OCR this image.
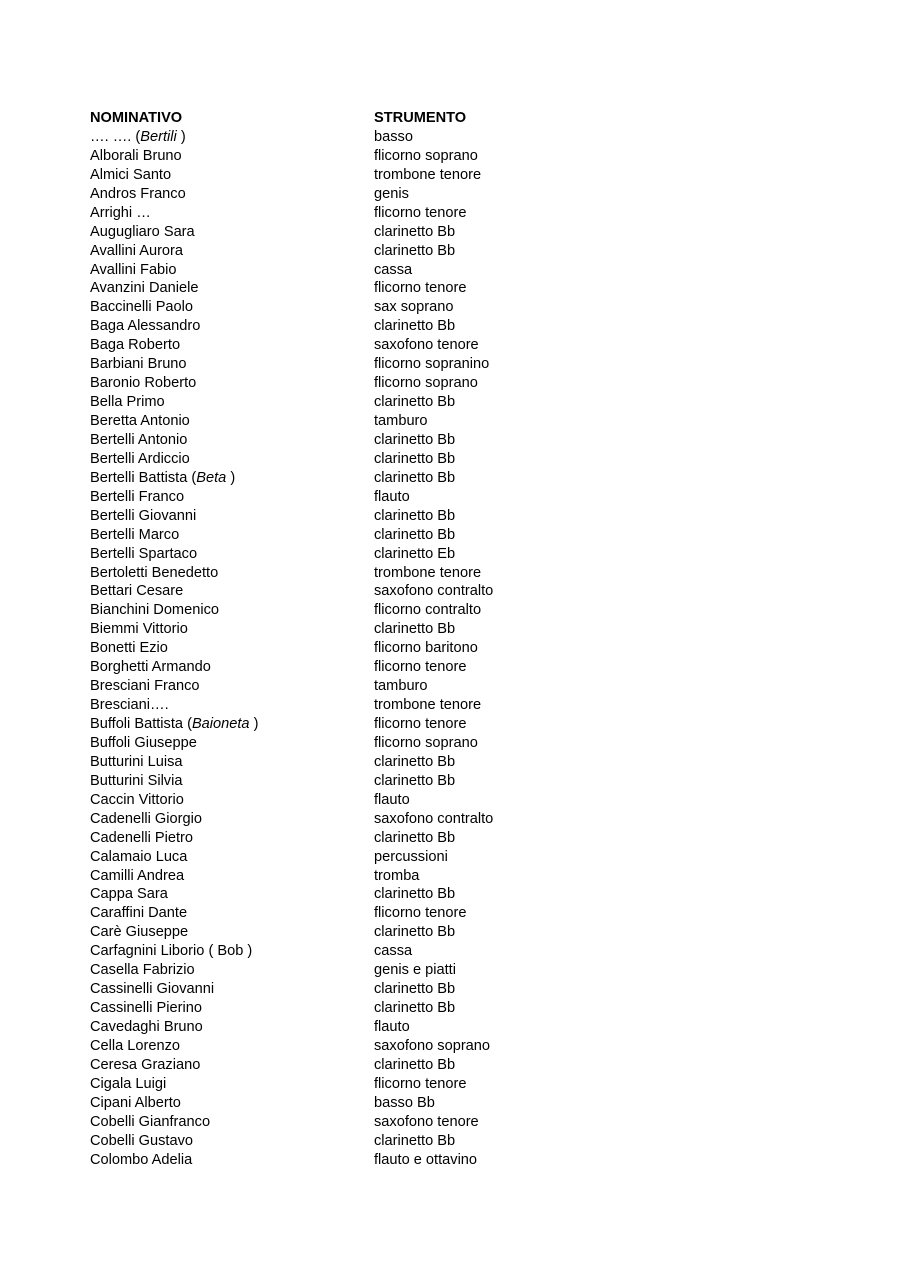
NOMINATIVO	STRUMENTO
…. …. (Bertili )	basso
Alborali Bruno	flicorno soprano
Almici Santo	trombone tenore
Andros Franco	genis
Arrighi …	flicorno tenore
Augugliaro Sara	clarinetto Bb
Avallini Aurora	clarinetto Bb
Avallini Fabio	cassa
Avanzini Daniele	flicorno tenore
Baccinelli Paolo	sax soprano
Baga Alessandro	clarinetto Bb
Baga Roberto	saxofono tenore
Barbiani Bruno	flicorno sopranino
Baronio Roberto	flicorno soprano
Bella Primo	clarinetto Bb
Beretta Antonio	tamburo
Bertelli Antonio	clarinetto Bb
Bertelli Ardiccio	clarinetto Bb
Bertelli Battista (Beta )	clarinetto Bb
Bertelli Franco	flauto
Bertelli Giovanni	clarinetto Bb
Bertelli Marco	clarinetto Bb
Bertelli Spartaco	clarinetto Eb
Bertoletti Benedetto	trombone tenore
Bettari Cesare	saxofono contralto
Bianchini Domenico	flicorno contralto
Biemmi Vittorio	clarinetto Bb
Bonetti Ezio	flicorno baritono
Borghetti Armando	flicorno tenore
Bresciani Franco	tamburo
Bresciani….	trombone tenore
Buffoli Battista (Baioneta )	flicorno tenore
Buffoli Giuseppe	flicorno soprano
Butturini Luisa	clarinetto Bb
Butturini Silvia	clarinetto Bb
Caccin Vittorio	flauto
Cadenelli Giorgio	saxofono contralto
Cadenelli Pietro	clarinetto Bb
Calamaio Luca	percussioni
Camilli Andrea	tromba
Cappa Sara	clarinetto Bb
Caraffini Dante	flicorno tenore
Carè Giuseppe	clarinetto Bb
Carfagnini Liborio ( Bob )	cassa
Casella Fabrizio	genis e piatti
Cassinelli Giovanni	clarinetto Bb
Cassinelli Pierino	clarinetto Bb
Cavedaghi Bruno	flauto
Cella Lorenzo	saxofono soprano
Ceresa Graziano	clarinetto Bb
Cigala Luigi	flicorno tenore
Cipani Alberto	basso Bb
Cobelli Gianfranco	saxofono tenore
Cobelli Gustavo	clarinetto Bb
Colombo Adelia	flauto e ottavino
